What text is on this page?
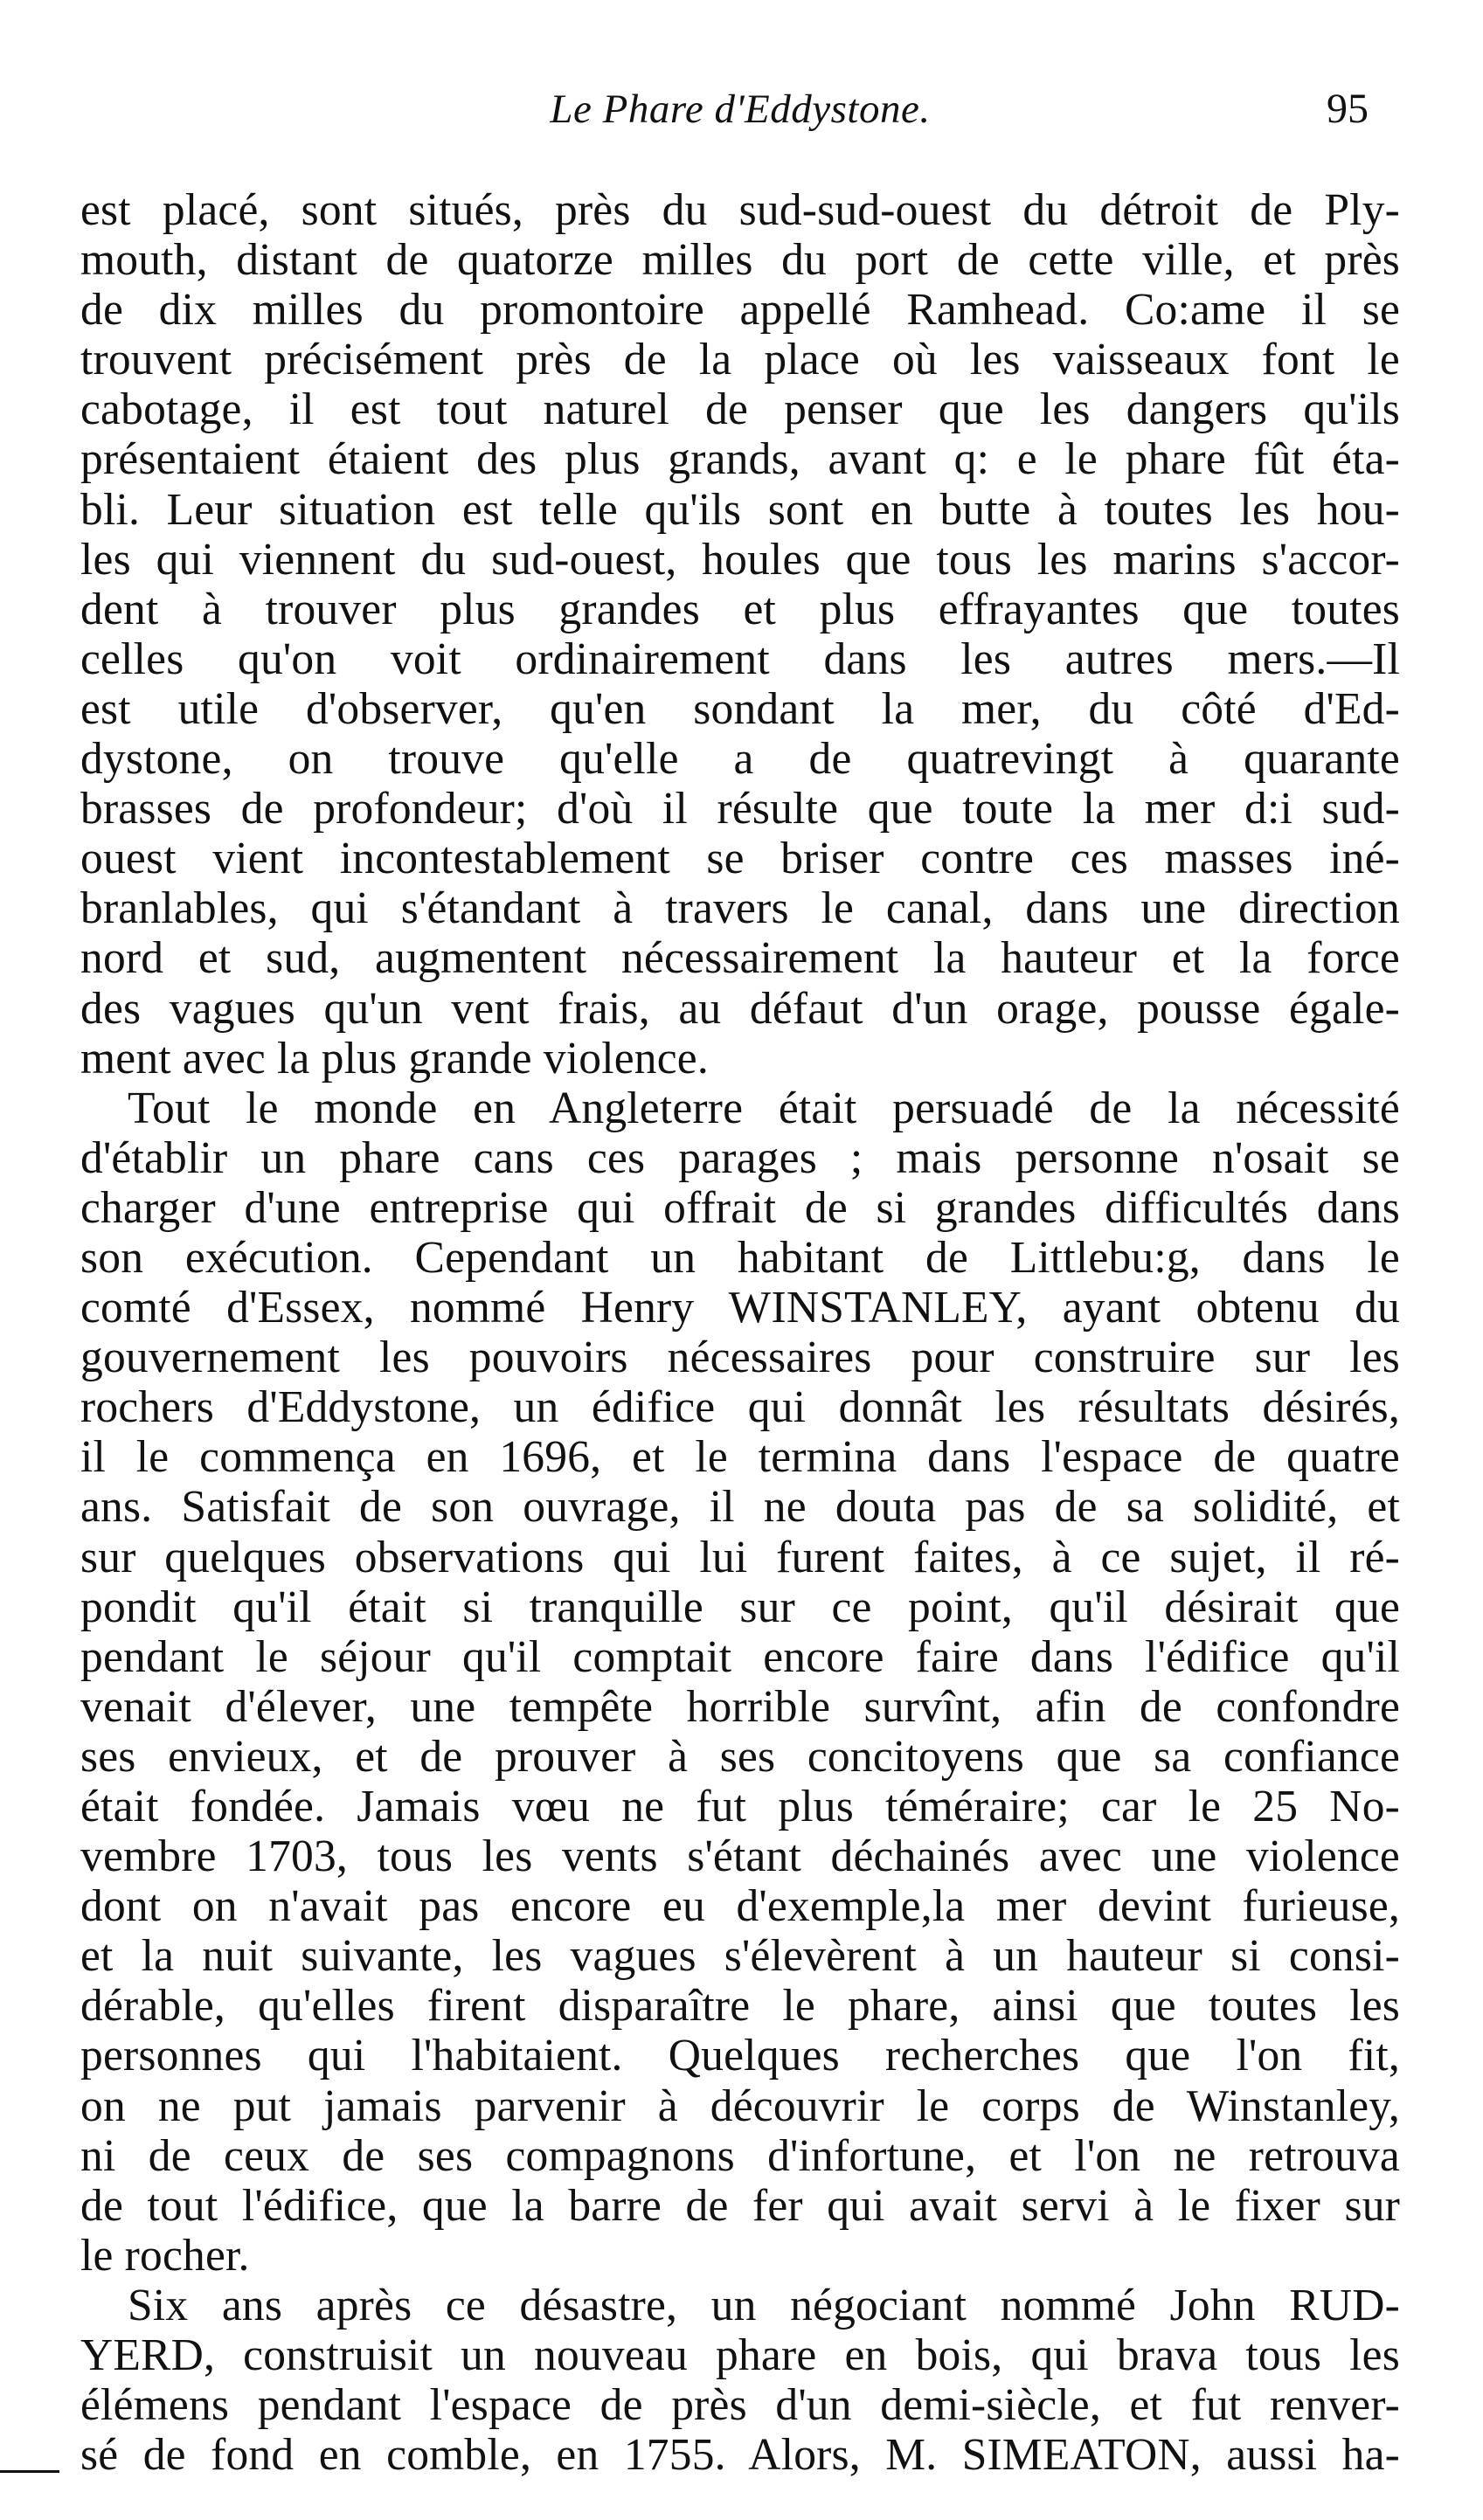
Le Phare d'Eddystone.	95
est placé, sont situés, près du sud-sud-ouest du détroit de Ply-
mouth, distant de quatorze milles du port de cette ville, et près
de dix milles du promontoire appellé Ramhead. Co:ame il se
trouvent précisément près de la place où les vaisseaux font le
cabotage, il est tout naturel de penser que les dangers qu'ils
présentaient étaient des plus grands, avant q: e le phare fût éta-
bli. Leur situation est telle qu'ils sont en butte à toutes les hou-
les qui viennent du sud-ouest, houles que tous les marins s'accor-
dent à trouver plus grandes et plus effrayantes que toutes
celles qu'on voit ordinairement dans les autres mers.—Il
est utile d'observer, qu'en sondant la mer, du côté d'Ed-
dystone, on trouve qu'elle a de quatrevingt à quarante
brasses de profondeur; d'où il résulte que toute la mer d:i sud-
ouest vient incontestablement se briser contre ces masses iné-
branlables, qui s'étandant à travers le canal, dans une direction
nord et sud, augmentent nécessairement la hauteur et la force
des vagues qu'un vent frais, au défaut d'un orage, pousse égale-
ment avec la plus grande violence.
Tout le monde en Angleterre était persuadé de la nécessité
d'établir un phare cans ces parages ; mais personne n'osait se
charger d'une entreprise qui offrait de si grandes difficultés dans
son exécution. Cependant un habitant de Littlebu:g, dans le
comté d'Essex, nommé Henry WINSTANLEY, ayant obtenu du
gouvernement les pouvoirs nécessaires pour construire sur les
rochers d'Eddystone, un édifice qui donnât les résultats désirés,
il le commença en 1696, et le termina dans l'espace de quatre
ans. Satisfait de son ouvrage, il ne douta pas de sa solidité, et
sur quelques observations qui lui furent faites, à ce sujet, il ré-
pondit qu'il était si tranquille sur ce point, qu'il désirait que
pendant le séjour qu'il comptait encore faire dans l'édifice qu'il
venait d'élever, une tempête horrible survînt, afin de confondre
ses envieux, et de prouver à ses concitoyens que sa confiance
était fondée. Jamais vœu ne fut plus téméraire; car le 25 No-
vembre 1703, tous les vents s'étant déchainés avec une violence
dont on n'avait pas encore eu d'exemple,la mer devint furieuse,
et la nuit suivante, les vagues s'élevèrent à un hauteur si consi-
dérable, qu'elles firent disparaître le phare, ainsi que toutes les
personnes qui l'habitaient. Quelques recherches que l'on fit,
on ne put jamais parvenir à découvrir le corps de Winstanley,
ni de ceux de ses compagnons d'infortune, et l'on ne retrouva
de tout l'édifice, que la barre de fer qui avait servi à le fixer sur
le rocher.
Six ans après ce désastre, un négociant nommé John RUD-
YERD, construisit un nouveau phare en bois, qui brava tous les
élémens pendant l'espace de près d'un demi-siècle, et fut renver-
sé de fond en comble, en 1755. Alors, M. SIMEATON, aussi ha-
